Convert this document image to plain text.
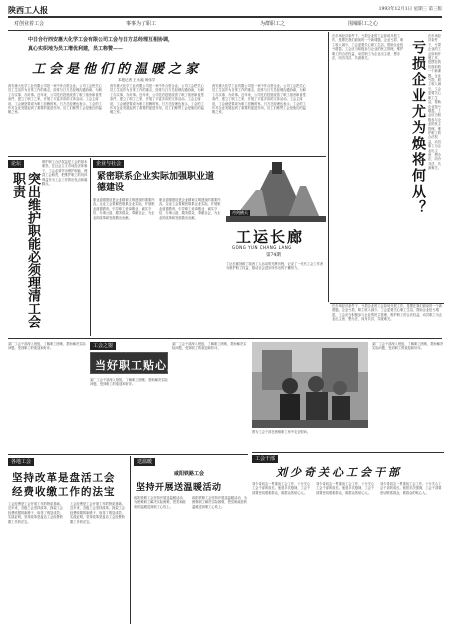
陕西工人报	1993年12月1日 星期三 第三版
对创业着工会	事事为了职工	为群职工之	围壕职工之心
中日合行西安惠大化学工会有限公司工会与日方总经理互相协调，
真心实织地为员工增优利建，员工称赞——
工会是他们的温暖之家
本报记者 王永福 何伟学
西安惠大化学工业有限公司是一家中外合资企业。公司工会把关心员工生活作为日常工作的重点，经常与日方总经理沟通协商，为职工办实事、办好事。近年来，公司先后投资改善了职工宿舍和食堂条件，建立了职工之家，开展了丰富多彩的文体活动。工会主席说，工会就是要成为职工信赖的家。日方总经理也表示，工会的工作对企业发展起到了重要的促进作用，员工们称赞工会是他们的温暖之家。
西安惠大化学工业有限公司是一家中外合资企业。公司工会把关心员工生活作为日常工作的重点，经常与日方总经理沟通协商，为职工办实事、办好事。近年来，公司先后投资改善了职工宿舍和食堂条件，建立了职工之家，开展了丰富多彩的文体活动。工会主席说，工会就是要成为职工信赖的家。日方总经理也表示，工会的工作对企业发展起到了重要的促进作用，员工们称赞工会是他们的温暖之家。
西安惠大化学工业有限公司是一家中外合资企业。公司工会把关心员工生活作为日常工作的重点，经常与日方总经理沟通协商，为职工办实事、办好事。近年来，公司先后投资改善了职工宿舍和食堂条件，建立了职工之家，开展了丰富多彩的文体活动。工会主席说，工会就是要成为职工信赖的家。日方总经理也表示，工会的工作对企业发展起到了重要的促进作用，员工们称赞工会是他们的温暖之家。
在市场经济条件下，亏损企业的工会如何开展工作，是摆在我们面前的一个新课题。企业亏损，职工收入减少，工会更要关心职工生活，帮助企业扭亏增盈。工会应当积极参与企业的民主管理，维护职工的合法权益，动员职工为企业出主意、想办法，同舟共济，共渡难关。	亏损企业尤为焕将何从？
在市场经济条件下，亏损企业的工会如何开展工作，是摆在我们面前的一个新课题。企业亏损，职工收入减少，工会更要关心职工生活，帮助企业扭亏增盈。工会应当积极参与企业的民主管理，维护职工的合法权益，动员职工为企业出主意、想办法，同舟共济，共渡难关。
论坛
突出维护职能必须理清工会职责
维护职工合法权益是工会的基本职责。在社会主义市场经济体制下，工会必须突出维护职能，理清工会职责，把维护职工的具体利益作为工会工作的出发点和落脚点。
企业与社会
紧密联系企业实际加强职业道德建设
职业道德建设是企业精神文明建设的重要内容。企业工会要紧密联系企业实际，开展职业道德教育，引导职工爱岗敬业、诚实守信、办事公道、服务群众、奉献社会，为企业的改革和发展做出贡献。
职业道德建设是企业精神文明建设的重要内容。企业工会要紧密联系企业实际，开展职业道德教育，引导职工爱岗敬业、诚实守信、办事公道、服务群众、奉献社会，为企业的改革和发展做出贡献。
丹剑横天
工运长廊
GONG YUN CHANG LANG
第74期
工运长廊回顾了陕西工人运动的光辉历程，记录了一代代工会工作者为维护职工权益、推动社会进步所作出的不懈努力。
在市场经济条件下，亏损企业的工会如何开展工作，是摆在我们面前的一个新课题。企业亏损，职工收入减少，工会更要关心职工生活，帮助企业扭亏增盈。工会应当积极参与企业的民主管理，维护职工的合法权益，动员职工为企业出主意、想办法，同舟共济，共渡难关。
某厂工会干部深入班组，了解职工困难，帮助解决实际问题，受到职工的欢迎和好评。	工会之窗
当好职工贴心人
某厂工会干部深入班组，了解职工困难，帮助解决实际问题，受到职工的欢迎和好评。
某厂工会干部深入班组，了解职工困难，帮助解决实际问题，受到职工的欢迎和好评。
图为工会干部在困难职工家中走访慰问。
某厂工会干部深入班组，了解职工困难，帮助解决实际问题，受到职工的欢迎和好评。
工会干部
刘少奇关心工会干部
刘少奇同志一贯重视工会工作，十分关心工会干部的成长。他曾多次强调，工会干部要密切联系群众，做群众的贴心人。
刘少奇同志一贯重视工会工作，十分关心工会干部的成长。他曾多次强调，工会干部要密切联系群众，做群众的贴心人。
刘少奇同志一贯重视工会工作，十分关心工会干部的成长。他曾多次强调，工会干部要密切联系群众，做群众的贴心人。
各地工会
坚持改革是盘活工会
经费收缴工作的法宝
工会经费是工会开展工作的物质基础。近年来，各级工会坚持改革，探索工会经费收缴的新路子，取得了明显成效。实践证明，坚持改革是盘活工会经费收缴工作的法宝。
工会经费是工会开展工作的物质基础。近年来，各级工会坚持改革，探索工会经费收缴的新路子，取得了明显成效。实践证明，坚持改革是盘活工会经费收缴工作的法宝。
送温暖
咸阳铁路工会
坚持开展送温暖活动
咸阳铁路工会坚持开展送温暖活动，为困难职工解决实际困难，把党和政府的温暖送到职工心坎上。
咸阳铁路工会坚持开展送温暖活动，为困难职工解决实际困难，把党和政府的温暖送到职工心坎上。
